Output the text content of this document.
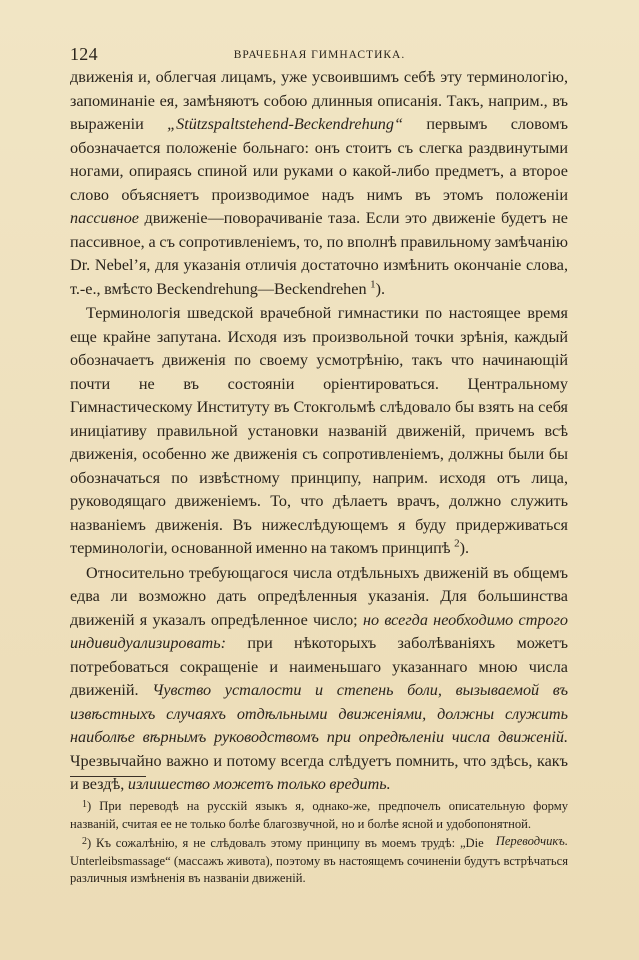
124	ВРАЧЕБНАЯ ГИМНАСТИКА.

движенія и, облегчая лицамъ, уже усвоившимъ себѣ эту терминологію, запоминаніе ея, замѣняютъ собою длинныя описанія. Такъ, наприм., въ выраженіи „Stützspaltstehend-Beckendrehung“ первымъ словомъ обозначается положеніе больнаго: онъ стоитъ съ слегка раздвинутыми ногами, опираясь спиной или руками о какой-либо предметъ, а второе слово объясняетъ производимое надъ нимъ въ этомъ положеніи пассивное движеніе—поворачиваніе таза. Если это движеніе будетъ не пассивное, а съ сопротивленіемъ, то, по вполнѣ правильному замѣчанію Dr. Nebel’я, для указанія отличія достаточно измѣнить окончаніе слова, т.-е., вмѣсто Beckendrehung—Beckendrehen $^1$).

Терминологія шведской врачебной гимнастики по настоящее время еще крайне запутана. Исходя изъ произвольной точки зрѣнія, каждый обозначаетъ движенія по своему усмотрѣнію, такъ что начинающій почти не въ состояніи оріентироваться. Центральному Гимнастическому Институту въ Стокгольмѣ слѣдовало бы взять на себя иниціативу правильной установки названій движеній, причемъ всѣ движенія, особенно же движенія съ сопротивленіемъ, должны были бы обозначаться по извѣстному принципу, наприм. исходя отъ лица, руководящаго движеніемъ. То, что дѣлаетъ врачъ, должно служить названіемъ движенія. Въ нижеслѣдующемъ я буду придерживаться терминологіи, основанной именно на такомъ принципѣ $^2$).

Относительно требующагося числа отдѣльныхъ движеній въ общемъ едва ли возможно дать опредѣленныя указанія. Для большинства движеній я указалъ опредѣленное число; но всегда необходимо строго индивидуализировать: при нѣкоторыхъ заболѣваніяхъ можетъ потребоваться сокращеніе и наименьшаго указаннаго мною числа движеній. Чувство усталости и степень боли, вызываемой въ извѣстныхъ случаяхъ отдѣльными движеніями, должны служить наиболѣе вѣрнымъ руководствомъ при опредѣленіи числа движеній. Чрезвычайно важно и потому всегда слѣдуетъ помнить, что здѣсь, какъ и вездѣ, излишество можетъ только вредить.

$^1$) При переводѣ на русскій языкъ я, однако-же, предпочелъ описательную форму названій, считая ее не только болѣе благозвучной, но и болѣе ясной и удобопонятной.
Переводчикъ.

$^2$) Къ сожалѣнію, я не слѣдовалъ этому принципу въ моемъ трудѣ: „Die Unterleibsmassage“ (массажъ живота), поэтому въ настоящемъ сочиненіи будутъ встрѣчаться различныя измѣненія въ названіи движеній.
